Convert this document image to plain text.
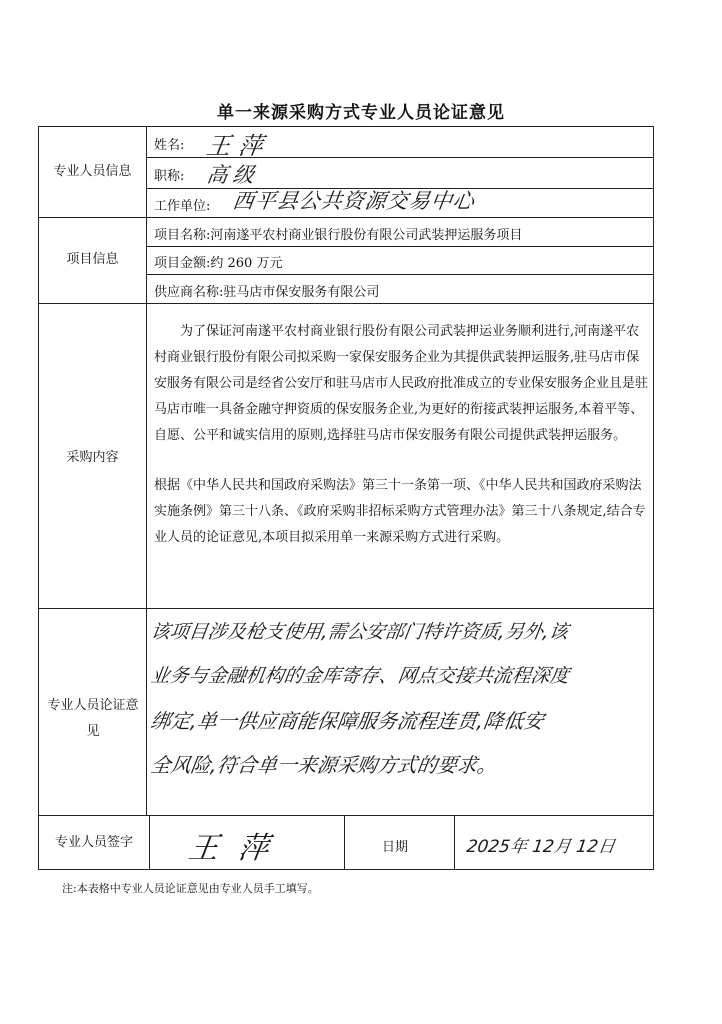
单一来源采购方式专业人员论证意见
专业人员信息
姓名: 王萍
职称: 高级
工作单位: 西平县公共资源交易中心
项目信息
项目名称:河南遂平农村商业银行股份有限公司武装押运服务项目
项目金额:约 260 万元
供应商名称:驻马店市保安服务有限公司
采购内容
为了保证河南遂平农村商业银行股份有限公司武装押运业务顺利进行,河南遂平农村商业银行股份有限公司拟采购一家保安服务企业为其提供武装押运服务,驻马店市保安服务有限公司是经省公安厅和驻马店市人民政府批准成立的专业保安服务企业且是驻马店市唯一具备金融守押资质的保安服务企业,为更好的衔接武装押运服务,本着平等、自愿、公平和诚实信用的原则,选择驻马店市保安服务有限公司提供武装押运服务。
根据《中华人民共和国政府采购法》第三十一条第一项、《中华人民共和国政府采购法实施条例》第三十八条、《政府采购非招标采购方式管理办法》第三十八条规定,结合专业人员的论证意见,本项目拟采用单一来源采购方式进行采购。
专业人员论证意见
该项目涉及枪支使用,需公安部门特许资质,另外,该
业务与金融机构的金库寄存、网点交接共流程深度
绑定,单一供应商能保障服务流程连贯,降低安
全风险,符合单一来源采购方式的要求。
专业人员签字	王萍	日期	2025年 12月 12日
注:本表格中专业人员论证意见由专业人员手工填写。
